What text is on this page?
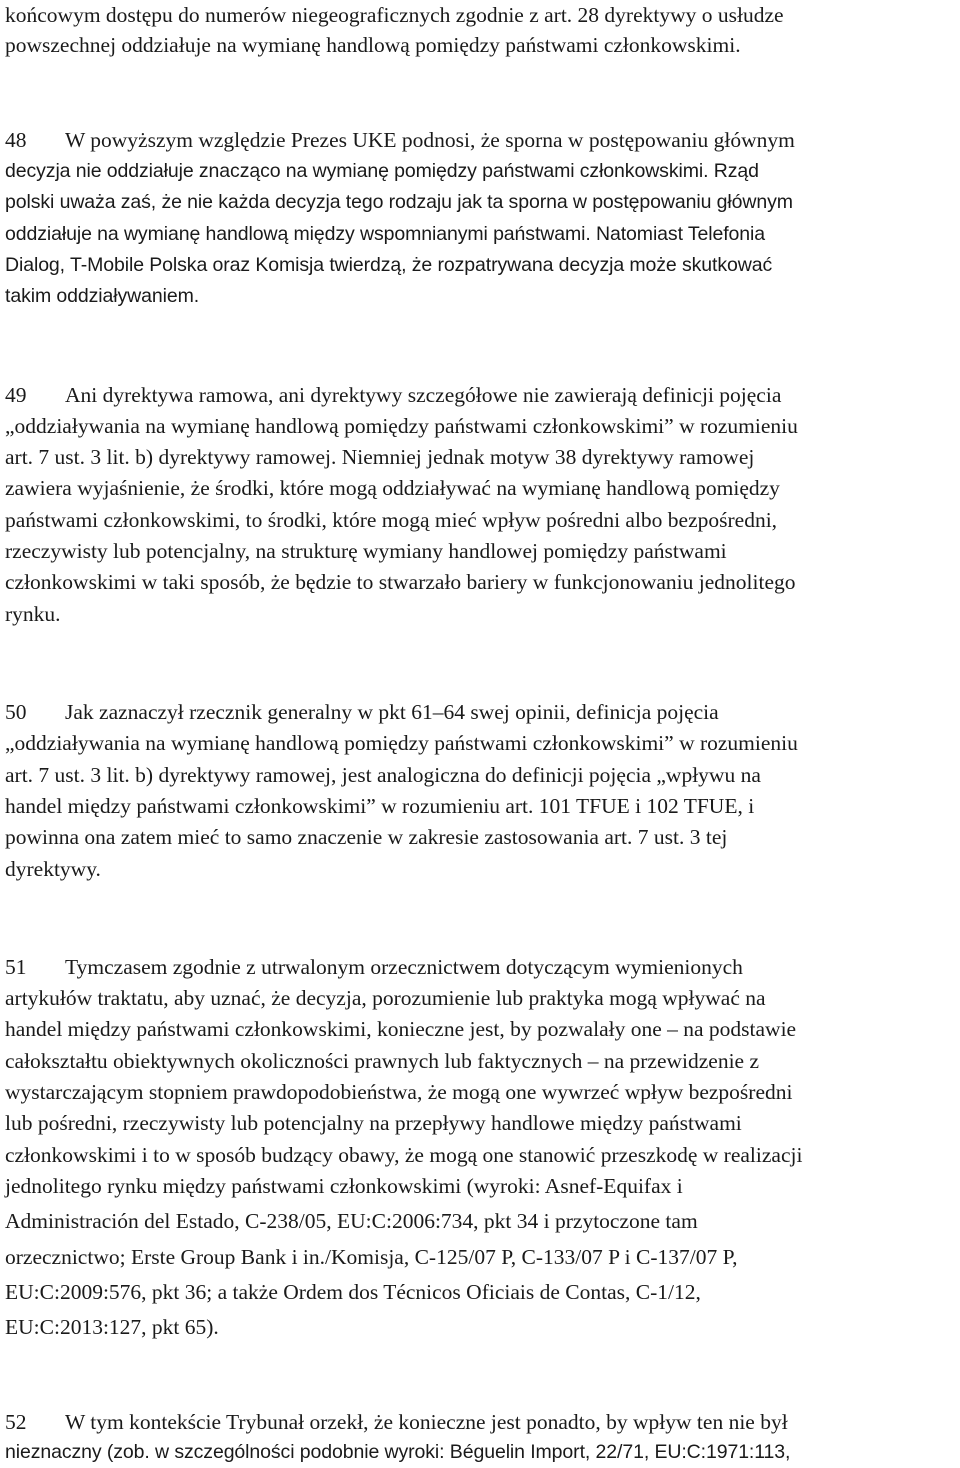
końcowym dostępu do numerów niegeograficznych zgodnie z art. 28 dyrektywy o usłudze
powszechnej oddziałuje na wymianę handlową pomiędzy państwami członkowskimi.
48 W powyższym względzie Prezes UKE podnosi, że sporna w postępowaniu głównym
decyzja nie oddziałuje znacząco na wymianę pomiędzy państwami członkowskimi. Rząd
polski uważa zaś, że nie każda decyzja tego rodzaju jak ta sporna w postępowaniu głównym
oddziałuje na wymianę handlową między wspomnianymi państwami. Natomiast Telefonia
Dialog, T-Mobile Polska oraz Komisja twierdzą, że rozpatrywana decyzja może skutkować
takim oddziaływaniem.
49 Ani dyrektywa ramowa, ani dyrektywy szczegółowe nie zawierają definicji pojęcia
„oddziaływania na wymianę handlową pomiędzy państwami członkowskimi” w rozumieniu
art. 7 ust. 3 lit. b) dyrektywy ramowej. Niemniej jednak motyw 38 dyrektywy ramowej
zawiera wyjaśnienie, że środki, które mogą oddziaływać na wymianę handlową pomiędzy
państwami członkowskimi, to środki, które mogą mieć wpływ pośredni albo bezpośredni,
rzeczywisty lub potencjalny, na strukturę wymiany handlowej pomiędzy państwami
członkowskimi w taki sposób, że będzie to stwarzało bariery w funkcjonowaniu jednolitego
rynku.
50 Jak zaznaczył rzecznik generalny w pkt 61–64 swej opinii, definicja pojęcia
„oddziaływania na wymianę handlową pomiędzy państwami członkowskimi” w rozumieniu
art. 7 ust. 3 lit. b) dyrektywy ramowej, jest analogiczna do definicji pojęcia „wpływu na
handel między państwami członkowskimi” w rozumieniu art. 101 TFUE i 102 TFUE, i
powinna ona zatem mieć to samo znaczenie w zakresie zastosowania art. 7 ust. 3 tej
dyrektywy.
51 Tymczasem zgodnie z utrwalonym orzecznictwem dotyczącym wymienionych
artykułów traktatu, aby uznać, że decyzja, porozumienie lub praktyka mogą wpływać na
handel między państwami członkowskimi, konieczne jest, by pozwalały one – na podstawie
całokształtu obiektywnych okoliczności prawnych lub faktycznych – na przewidzenie z
wystarczającym stopniem prawdopodobieństwa, że mogą one wywrzeć wpływ bezpośredni
lub pośredni, rzeczywisty lub potencjalny na przepływy handlowe między państwami
członkowskimi i to w sposób budzący obawy, że mogą one stanowić przeszkodę w realizacji
jednolitego rynku między państwami członkowskimi (wyroki: Asnef-Equifax i
Administración del Estado, C‑238/05, EU:C:2006:734, pkt 34 i przytoczone tam
orzecznictwo; Erste Group Bank i in./Komisja, C‑125/07 P, C‑133/07 P i C‑137/07 P,
EU:C:2009:576, pkt 36; a także Ordem dos Técnicos Oficiais de Contas, C‑1/12,
EU:C:2013:127, pkt 65).
52 W tym kontekście Trybunał orzekł, że konieczne jest ponadto, by wpływ ten nie był
nieznaczny (zob. w szczególności podobnie wyroki: Béguelin Import, 22/71, EU:C:1971:113,
